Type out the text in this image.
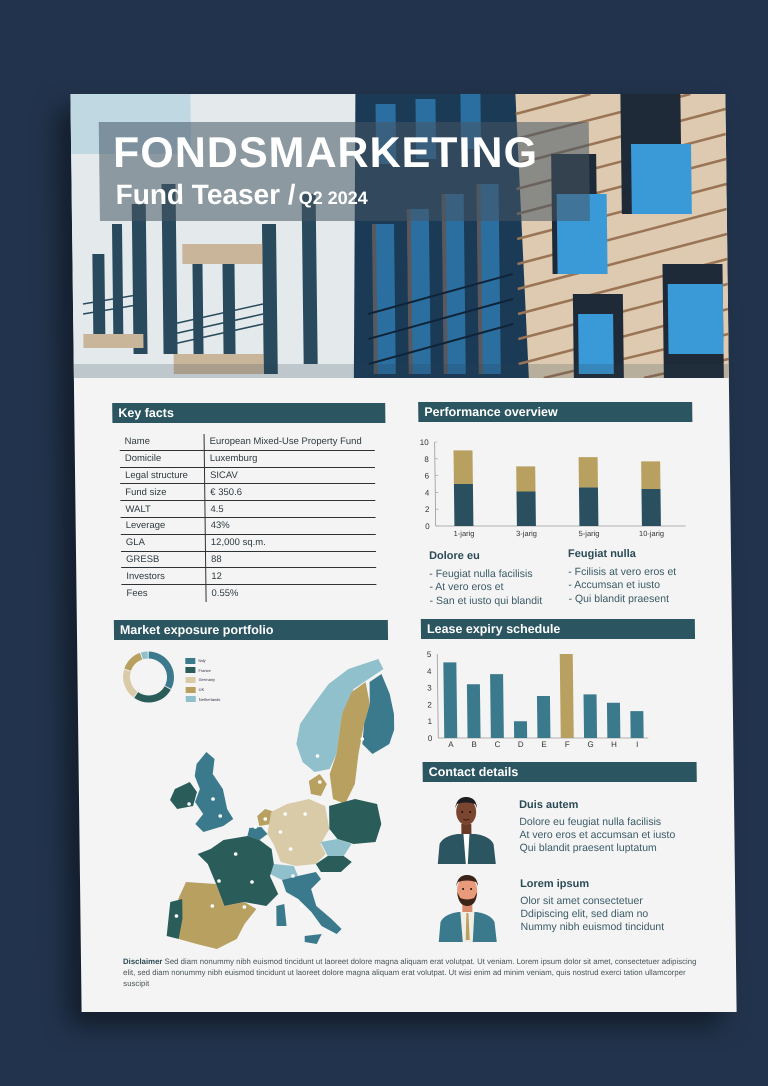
FONDSMARKETING
Fund Teaser / Q2 2024
Key facts
Name	European Mixed-Use Property Fund
Domicile	Luxemburg
Legal structure	SICAV
Fund size	€ 350.6
WALT	4.5
Leverage	43%
GLA	12,000 sq.m.
GRESB	88
Investors	12
Fees	0.55%
Performance overview
0
2
4
6
8
10
1-jarig	3-jarig	5-jarig	10-jarig
Dolore eu
- Feugiat nulla facilisis
- At vero eros et
- San et iusto qui blandit
Feugiat nulla
- Fcilisis at vero eros et
- Accumsan et iusto
- Qui blandit praesent
Market exposure portfolio
Italy
France
Germany
UK
Netherlands
Lease expiry schedule
0
1
2
3
4
5
A B C D E F G H I
Contact details
Duis autem
Dolore eu feugiat nulla facilisis
At vero eros et accumsan et iusto
Qui blandit praesent luptatum
Lorem ipsum
Olor sit amet consectetuer
Ddipiscing elit, sed diam no
Nummy nibh euismod tincidunt
Disclaimer Sed diam nonummy nibh euismod tincidunt ut laoreet dolore magna aliquam erat volutpat. Ut veniam. Lorem ipsum dolor sit amet, consectetuer adipiscing elit, sed diam nonummy nibh euismod tincidunt ut laoreet dolore magna aliquam erat volutpat. Ut wisi enim ad minim veniam, quis nostrud exerci tation ullamcorper suscipit
